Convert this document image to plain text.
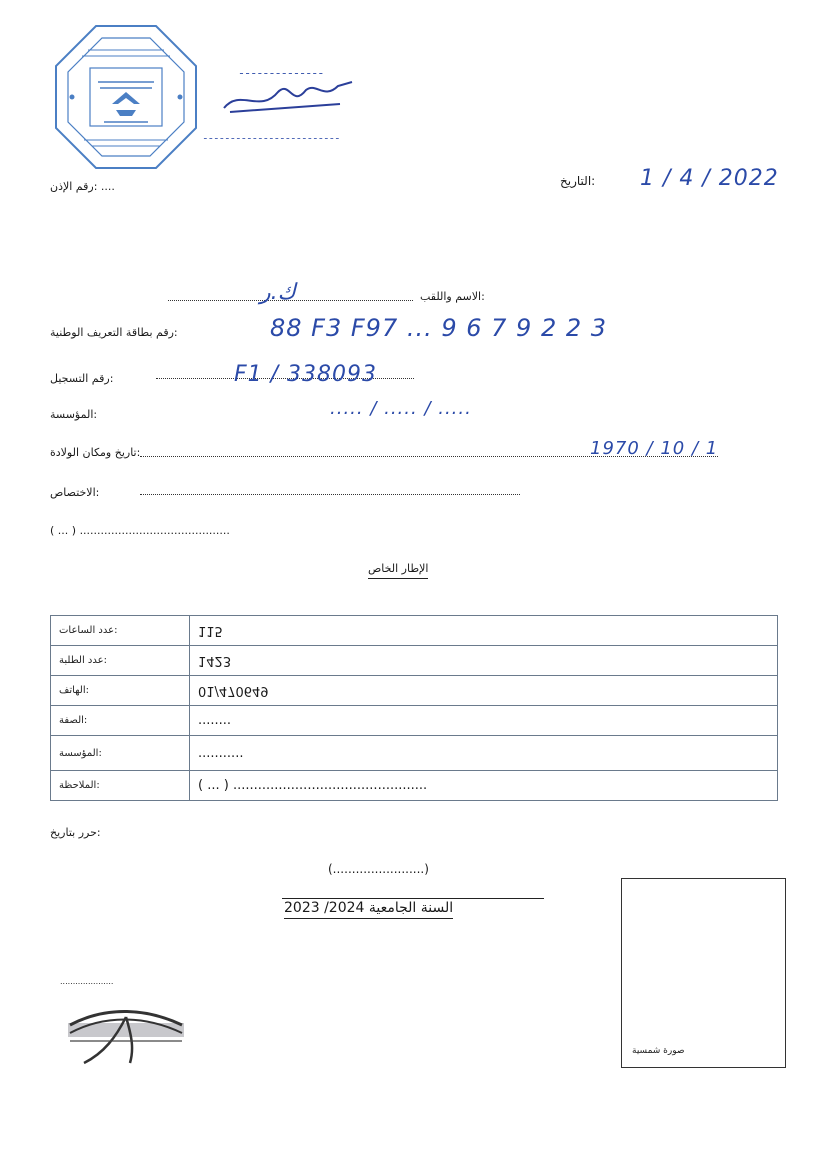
ـ ـ ـ ـ ـ ـ ـ ـ ـ ـ ـ ـ ـ ـ
ـ ـ ـ ـ ـ ـ ـ ـ ـ ـ ـ ـ ـ ـ ـ ـ ـ ـ ـ ـ ـ ـ ـ ـ ـ
التاريخ: 1 / 4 / 2022
رقم الإذن: ....
الاسم واللقب:
ك.ر
رقم بطاقة التعريف الوطنية:	88 F3 F97 ... 9 6 7 9 2 2 3
رقم التسجيل:	F1 / 338093
المؤسسة:	..... / ..... / .....
تاريخ ومكان الولادة:	1970 / 10 / 1
الاختصاص:
( ... ) ...........................................
الإطار الخاص
عدد الساعات:	115
عدد الطلبة:	1423
الهاتف:	01/470649
الصفة:	........
المؤسسة:	...........
الملاحظة:	( ... ) ...............................................
حرر بتاريخ:
(........................)
2023 /2024 السنة الجامعية
صورة شمسية
.....................
